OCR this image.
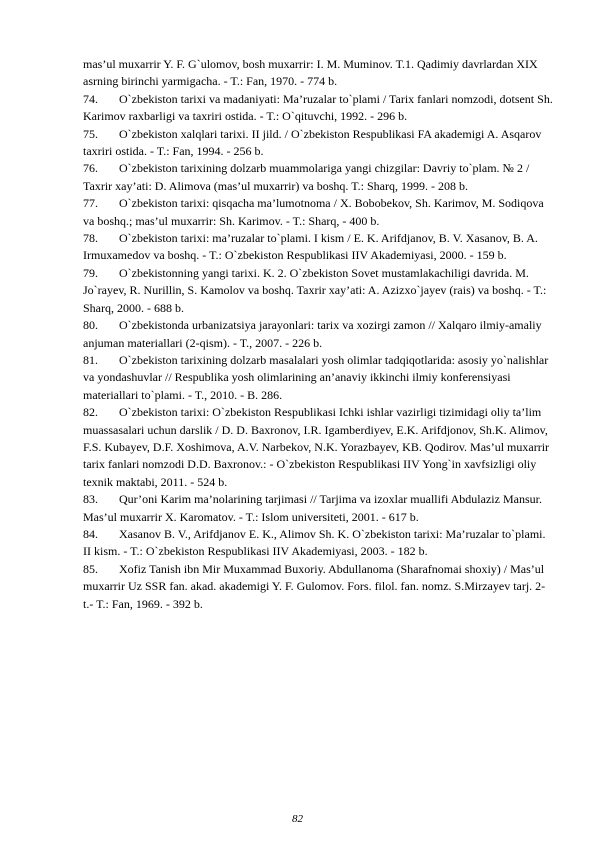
mas’ul muxarrir Y. F. G`ulomov, bosh muxarrir: I. M. Muminov. T.1. Qadimiy davrlardan XIX asrning birinchi yarmigacha. - T.: Fan, 1970. - 774 b.

74. O`zbekiston tarixi va madaniyati: Ma’ruzalar to`plami / Tarix fanlari nomzodi, dotsent Sh. Karimov raxbarligi va taxriri ostida. - T.: O`qituvchi, 1992. - 296 b.

75. O`zbekiston xalqlari tarixi. II jild. / O`zbekiston Respublikasi FA akademigi A. Asqarov taxriri ostida. - T.: Fan, 1994. - 256 b.

76. O`zbekiston tarixining dolzarb muammolariga yangi chizgilar: Davriy to`plam. № 2 / Taxrir xay’ati: D. Alimova (mas’ul muxarrir) va boshq. T.: Sharq, 1999. - 208 b.

77. O`zbekiston tarixi: qisqacha ma’lumotnoma / X. Bobobekov, Sh. Karimov, M. Sodiqova va boshq.; mas’ul muxarrir: Sh. Karimov. - T.: Sharq, - 400 b.

78. O`zbekiston tarixi: ma’ruzalar to`plami. I kism / E. K. Arifdjanov, B. V. Xasanov, B. A. Irmuxamedov va boshq. - T.: O`zbekiston Respublikasi IIV Akademiyasi, 2000. - 159 b.

79. O`zbekistonning yangi tarixi. K. 2. O`zbekiston Sovet mustamlakachiligi davrida. M. Jo`rayev, R. Nurillin, S. Kamolov va boshq. Taxrir xay’ati: A. Azizxo`jayev (rais) va boshq. - T.: Sharq, 2000. - 688 b.

80. O`zbekistonda urbanizatsiya jarayonlari: tarix va xozirgi zamon // Xalqaro ilmiy-amaliy anjuman materiallari (2-qism). - T., 2007. - 226 b.

81. O`zbekiston tarixining dolzarb masalalari yosh olimlar tadqiqotlarida: asosiy yo`nalishlar va yondashuvlar // Respublika yosh olimlarining an’anaviy ikkinchi ilmiy konferensiyasi materiallari to`plami. - T., 2010. - B. 286.

82. O`zbekiston tarixi: O`zbekiston Respublikasi Ichki ishlar vazirligi tizimidagi oliy ta’lim muassasalari uchun darslik / D. D. Baxronov, I.R. Igamberdiyev, E.K. Arifdjonov, Sh.K. Alimov, F.S. Kubayev, D.F. Xoshimova, A.V. Narbekov, N.K. Yorazbayev, KB. Qodirov. Mas’ul muxarrir tarix fanlari nomzodi D.D. Baxronov.: - O`zbekiston Respublikasi IIV Yong`in xavfsizligi oliy texnik maktabi, 2011. - 524 b.

83. Qur’oni Karim ma’nolarining tarjimasi // Tarjima va izoxlar muallifi Abdulaziz Mansur. Mas’ul muxarrir X. Karomatov. - T.: Islom universiteti, 2001. - 617 b.

84. Xasanov B. V., Arifdjanov E. K., Alimov Sh. K. O`zbekiston tarixi: Ma’ruzalar to`plami. II kism. - T.: O`zbekiston Respublikasi IIV Akademiyasi, 2003. - 182 b.

85. Xofiz Tanish ibn Mir Muxammad Buxoriy. Abdullanoma (Sharafnomai shoxiy) / Mas’ul muxarrir Uz SSR fan. akad. akademigi Y. F. Gulomov. Fors. filol. fan. nomz. S.Mirzayev tarj. 2-t.- T.: Fan, 1969. - 392 b.

82
